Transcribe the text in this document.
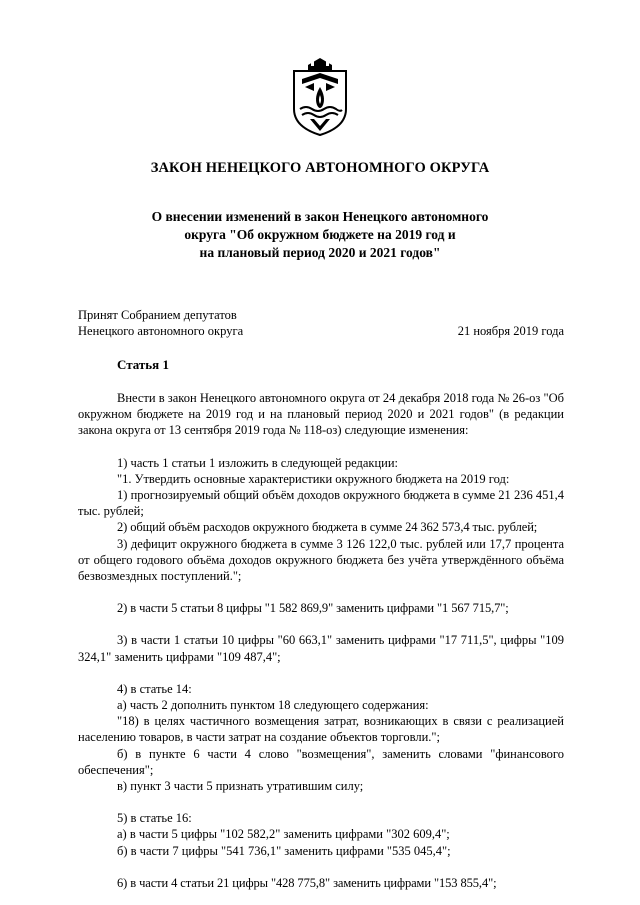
ЗАКОН НЕНЕЦКОГО АВТОНОМНОГО ОКРУГА
О внесении изменений в закон Ненецкого автономного
округа "Об окружном бюджете на 2019 год и
на плановый период 2020 и 2021 годов"
Принят Собранием депутатов
Ненецкого автономного округа	21 ноября 2019 года
Статья 1

Внести в закон Ненецкого автономного округа от 24 декабря 2018 года № 26-оз "Об окружном бюджете на 2019 год и на плановый период 2020 и 2021 годов" (в редакции закона округа от 13 сентября 2019 года № 118-оз) следующие изменения:

1) часть 1 статьи 1 изложить в следующей редакции:

"1. Утвердить основные характеристики окружного бюджета на 2019 год:

1) прогнозируемый общий объём доходов окружного бюджета в сумме 21 236 451,4 тыс. рублей;

2) общий объём расходов окружного бюджета в сумме 24 362 573,4 тыс. рублей;

3) дефицит окружного бюджета в сумме 3 126 122,0 тыс. рублей или 17,7 процента от общего годового объёма доходов окружного бюджета без учёта утверждённого объёма безвозмездных поступлений.";

2) в части 5 статьи 8 цифры "1 582 869,9" заменить цифрами "1 567 715,7";

3) в части 1 статьи 10 цифры "60 663,1" заменить цифрами "17 711,5", цифры "109 324,1" заменить цифрами "109 487,4";

4) в статье 14:

а) часть 2 дополнить пунктом 18 следующего содержания:

"18) в целях частичного возмещения затрат, возникающих в связи с реализацией населению товаров, в части затрат на создание объектов торговли.";

б) в пункте 6 части 4 слово "возмещения", заменить словами "финансового обеспечения";

в) пункт 3 части 5 признать утратившим силу;

5) в статье 16:

а) в части 5 цифры "102 582,2" заменить цифрами "302 609,4";

б) в части 7 цифры "541 736,1" заменить цифрами "535 045,4";

6) в части 4 статьи 21 цифры "428 775,8" заменить цифрами "153 855,4";
